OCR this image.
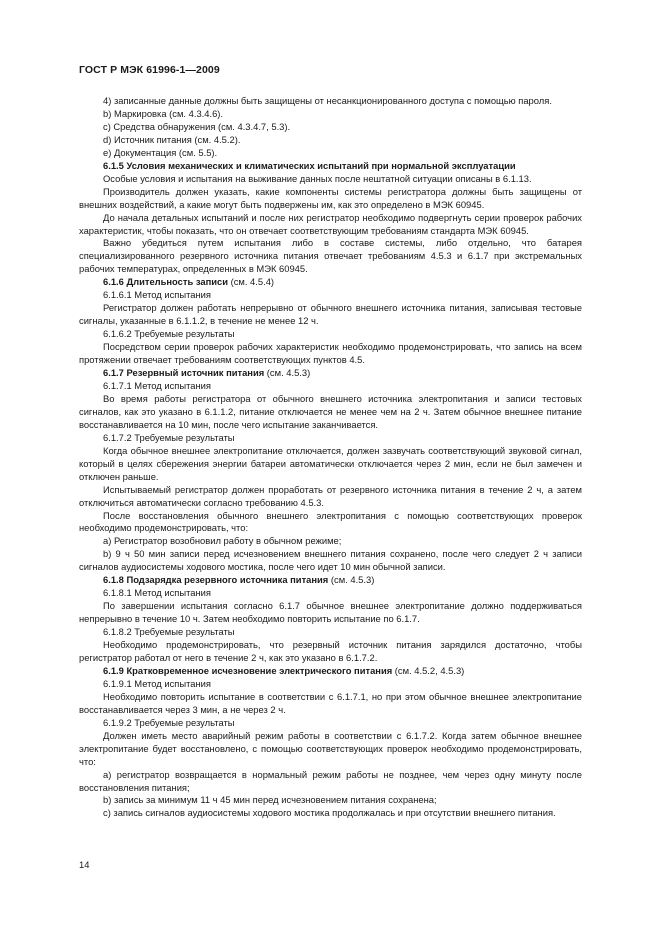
ГОСТ Р МЭК 61996-1—2009

4) записанные данные должны быть защищены от несанкционированного доступа с помощью пароля.

b) Маркировка (см. 4.3.4.6).

c) Средства обнаружения (см. 4.3.4.7, 5.3).

d) Источник питания (см. 4.5.2).

e) Документация (см. 5.5).

6.1.5 Условия механических и климатических испытаний при нормальной эксплуатации

Особые условия и испытания на выживание данных после нештатной ситуации описаны в 6.1.13.

Производитель должен указать, какие компоненты системы регистратора должны быть защищены от внешних воздействий, а какие могут быть подвержены им, как это определено в МЭК 60945.

До начала детальных испытаний и после них регистратор необходимо подвергнуть серии проверок рабочих характеристик, чтобы показать, что он отвечает соответствующим требованиям стандарта МЭК 60945.

Важно убедиться путем испытания либо в составе системы, либо отдельно, что батарея специализированного резервного источника питания отвечает требованиям 4.5.3 и 6.1.7 при экстремальных рабочих температурах, определенных в МЭК 60945.

6.1.6 Длительность записи (см. 4.5.4)

6.1.6.1 Метод испытания

Регистратор должен работать непрерывно от обычного внешнего источника питания, записывая тестовые сигналы, указанные в 6.1.1.2, в течение не менее 12 ч.

6.1.6.2 Требуемые результаты

Посредством серии проверок рабочих характеристик необходимо продемонстрировать, что запись на всем протяжении отвечает требованиям соответствующих пунктов 4.5.

6.1.7 Резервный источник питания (см. 4.5.3)

6.1.7.1 Метод испытания

Во время работы регистратора от обычного внешнего источника электропитания и записи тестовых сигналов, как это указано в 6.1.1.2, питание отключается не менее чем на 2 ч. Затем обычное внешнее питание восстанавливается на 10 мин, после чего испытание заканчивается.

6.1.7.2 Требуемые результаты

Когда обычное внешнее электропитание отключается, должен зазвучать соответствующий звуковой сигнал, который в целях сбережения энергии батареи автоматически отключается через 2 мин, если не был замечен и отключен раньше.

Испытываемый регистратор должен проработать от резервного источника питания в течение 2 ч, а затем отключиться автоматически согласно требованию 4.5.3.

После восстановления обычного внешнего электропитания с помощью соответствующих проверок необходимо продемонстрировать, что:

a) Регистратор возобновил работу в обычном режиме;

b) 9 ч 50 мин записи перед исчезновением внешнего питания сохранено, после чего следует 2 ч записи сигналов аудиосистемы ходового мостика, после чего идет 10 мин обычной записи.

6.1.8 Подзарядка резервного источника питания (см. 4.5.3)

6.1.8.1 Метод испытания

По завершении испытания согласно 6.1.7 обычное внешнее электропитание должно поддерживаться непрерывно в течение 10 ч. Затем необходимо повторить испытание по 6.1.7.

6.1.8.2 Требуемые результаты

Необходимо продемонстрировать, что резервный источник питания зарядился достаточно, чтобы регистратор работал от него в течение 2 ч, как это указано в 6.1.7.2.

6.1.9 Кратковременное исчезновение электрического питания (см. 4.5.2, 4.5.3)

6.1.9.1 Метод испытания

Необходимо повторить испытание в соответствии с 6.1.7.1, но при этом обычное внешнее электропитание восстанавливается через 3 мин, а не через 2 ч.

6.1.9.2 Требуемые результаты

Должен иметь место аварийный режим работы в соответствии с 6.1.7.2. Когда затем обычное внешнее электропитание будет восстановлено, с помощью соответствующих проверок необходимо продемонстрировать, что:

a) регистратор возвращается в нормальный режим работы не позднее, чем через одну минуту после восстановления питания;

b) запись за минимум 11 ч 45 мин перед исчезновением питания сохранена;

c) запись сигналов аудиосистемы ходового мостика продолжалась и при отсутствии внешнего питания.

14
